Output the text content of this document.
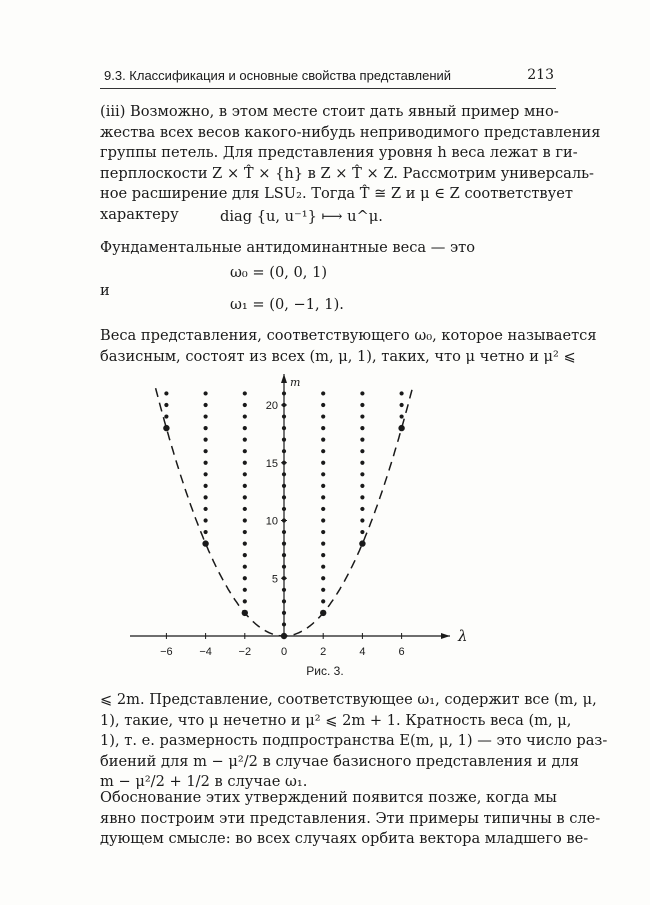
9.3. Классификация и основные свойства представлений	213
(iii) Возможно, в этом месте стоит дать явный пример мно-
жества всех весов какого-нибудь неприводимого представления
группы петель. Для представления уровня h веса лежат в ги-
перплоскости Z × T̂ × {h} в Z × T̂ × Z. Рассмотрим универсаль-
ное расширение для LSU₂. Тогда T̂ ≅ Z и μ ∈ Z соответствует
характеру	diag {u, u⁻¹} ⟼ u^μ.
Фундаментальные антидоминантные веса — это
ω₀ = (0, 0, 1)
и
ω₁ = (0, −1, 1).
Веса представления, соответствующего ω₀, которое называется
базисным, состоят из всех (m, μ, 1), таких, что μ четно и μ² ⩽
λ
m
−6 −4 −2	0	2	4	6
5
10
15
20
Рис. 3.
⩽ 2m. Представление, соответствующее ω₁, содержит все (m, μ,
1), такие, что μ нечетно и μ² ⩽ 2m + 1. Кратность веса (m, μ,
1), т. е. размерность подпространства E(m, μ, 1) — это число раз-
биений для m − μ²/2 в случае базисного представления и для
m − μ²/2 + 1/2 в случае ω₁.
Обоснование этих утверждений появится позже, когда мы
явно построим эти представления. Эти примеры типичны в сле-
дующем смысле: во всех случаях орбита вектора младшего ве-
